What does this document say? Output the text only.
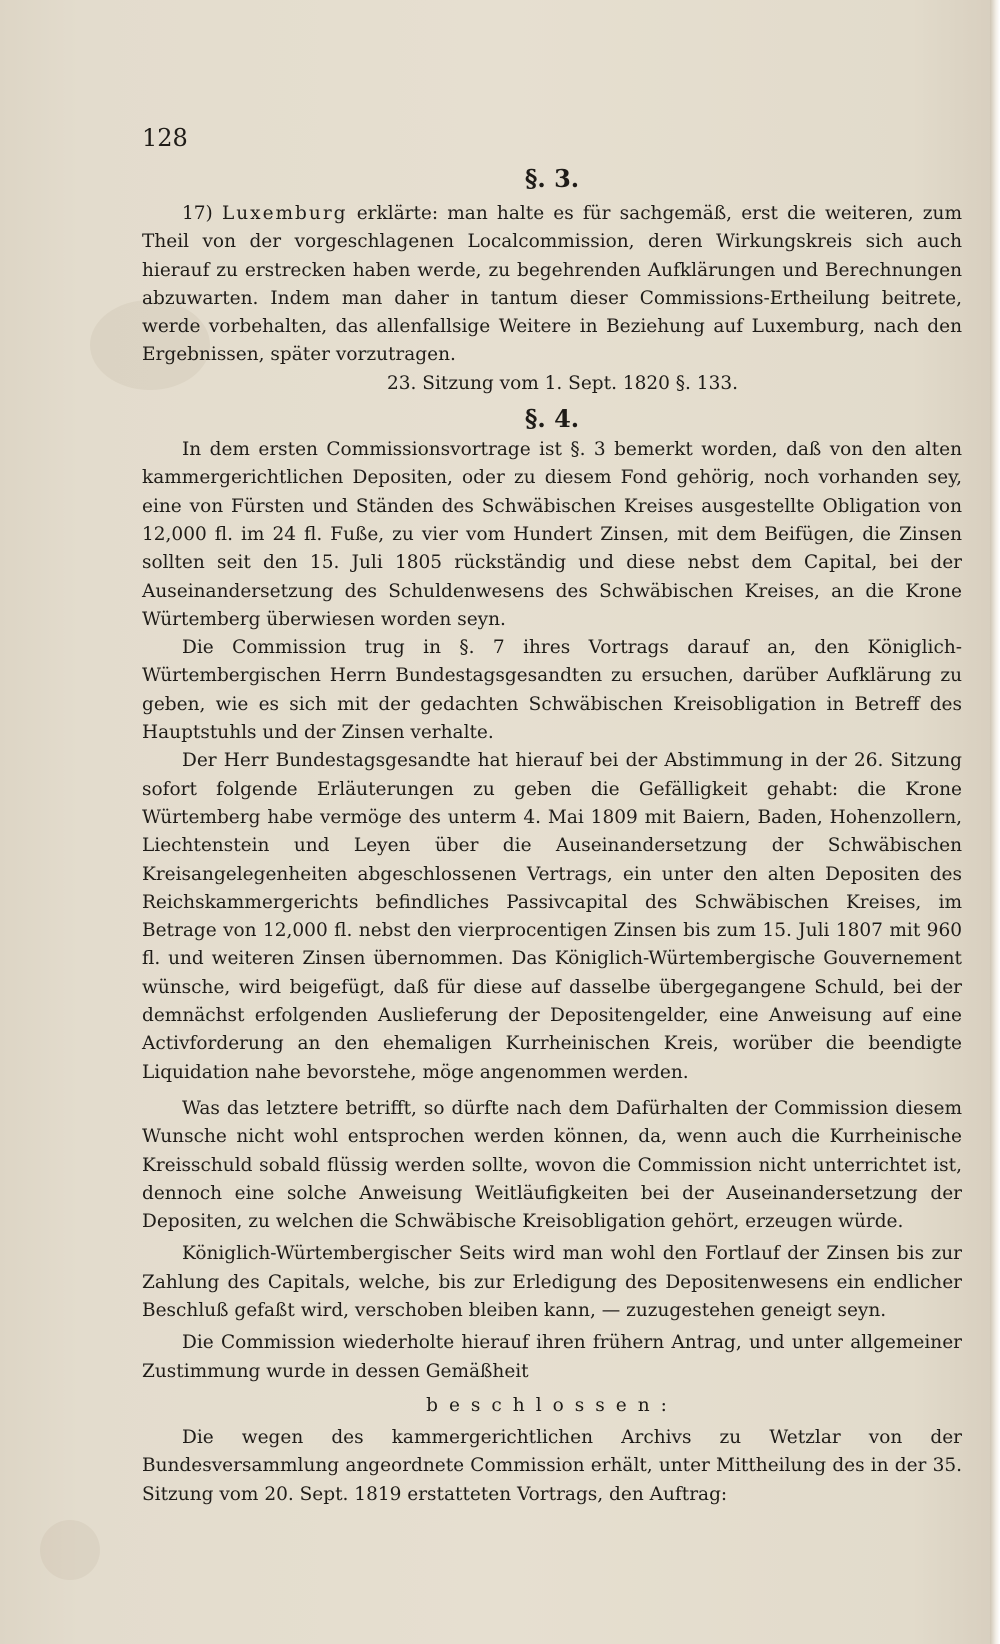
128
§. 3.

17) Luxemburg erklärte: man halte es für sachgemäß, erst die weiteren, zum Theil von der vorgeschlagenen Localcommission, deren Wirkungskreis sich auch hierauf zu erstrecken haben werde, zu begehrenden Aufklärungen und Berechnungen abzuwarten. Indem man daher in tantum dieser Commissions-Ertheilung beitrete, werde vorbehalten, das allenfallsige Weitere in Beziehung auf Luxemburg, nach den Ergebnissen, später vorzutragen.

23. Sitzung vom 1. Sept. 1820 §. 133.

§. 4.

In dem ersten Commissionsvortrage ist §. 3 bemerkt worden, daß von den alten kammergerichtlichen Depositen, oder zu diesem Fond gehörig, noch vorhanden sey, eine von Fürsten und Ständen des Schwäbischen Kreises ausgestellte Obligation von 12,000 fl. im 24 fl. Fuße, zu vier vom Hundert Zinsen, mit dem Beifügen, die Zinsen sollten seit den 15. Juli 1805 rückständig und diese nebst dem Capital, bei der Auseinandersetzung des Schuldenwesens des Schwäbischen Kreises, an die Krone Würtemberg überwiesen worden seyn.

Die Commission trug in §. 7 ihres Vortrags darauf an, den Königlich-Würtembergischen Herrn Bundestagsgesandten zu ersuchen, darüber Aufklärung zu geben, wie es sich mit der gedachten Schwäbischen Kreisobligation in Betreff des Hauptstuhls und der Zinsen verhalte.

Der Herr Bundestagsgesandte hat hierauf bei der Abstimmung in der 26. Sitzung sofort folgende Erläuterungen zu geben die Gefälligkeit gehabt: die Krone Würtemberg habe vermöge des unterm 4. Mai 1809 mit Baiern, Baden, Hohenzollern, Liechtenstein und Leyen über die Auseinandersetzung der Schwäbischen Kreisangelegenheiten abgeschlossenen Vertrags, ein unter den alten Depositen des Reichskammergerichts befindliches Passivcapital des Schwäbischen Kreises, im Betrage von 12,000 fl. nebst den vierprocentigen Zinsen bis zum 15. Juli 1807 mit 960 fl. und weiteren Zinsen übernommen. Das Königlich-Würtembergische Gouvernement wünsche, wird beigefügt, daß für diese auf dasselbe übergegangene Schuld, bei der demnächst erfolgenden Auslieferung der Depositengelder, eine Anweisung auf eine Activforderung an den ehemaligen Kurrheinischen Kreis, worüber die beendigte Liquidation nahe bevorstehe, möge angenommen werden.

Was das letztere betrifft, so dürfte nach dem Dafürhalten der Commission diesem Wunsche nicht wohl entsprochen werden können, da, wenn auch die Kurrheinische Kreisschuld sobald flüssig werden sollte, wovon die Commission nicht unterrichtet ist, dennoch eine solche Anweisung Weitläufigkeiten bei der Auseinandersetzung der Depositen, zu welchen die Schwäbische Kreisobligation gehört, erzeugen würde.

Königlich-Würtembergischer Seits wird man wohl den Fortlauf der Zinsen bis zur Zahlung des Capitals, welche, bis zur Erledigung des Depositenwesens ein endlicher Beschluß gefaßt wird, verschoben bleiben kann, — zuzugestehen geneigt seyn.

Die Commission wiederholte hierauf ihren frühern Antrag, und unter allgemeiner Zustimmung wurde in dessen Gemäßheit

beschlossen:

Die wegen des kammergerichtlichen Archivs zu Wetzlar von der Bundesversammlung angeordnete Commission erhält, unter Mittheilung des in der 35. Sitzung vom 20. Sept. 1819 erstatteten Vortrags, den Auftrag:
